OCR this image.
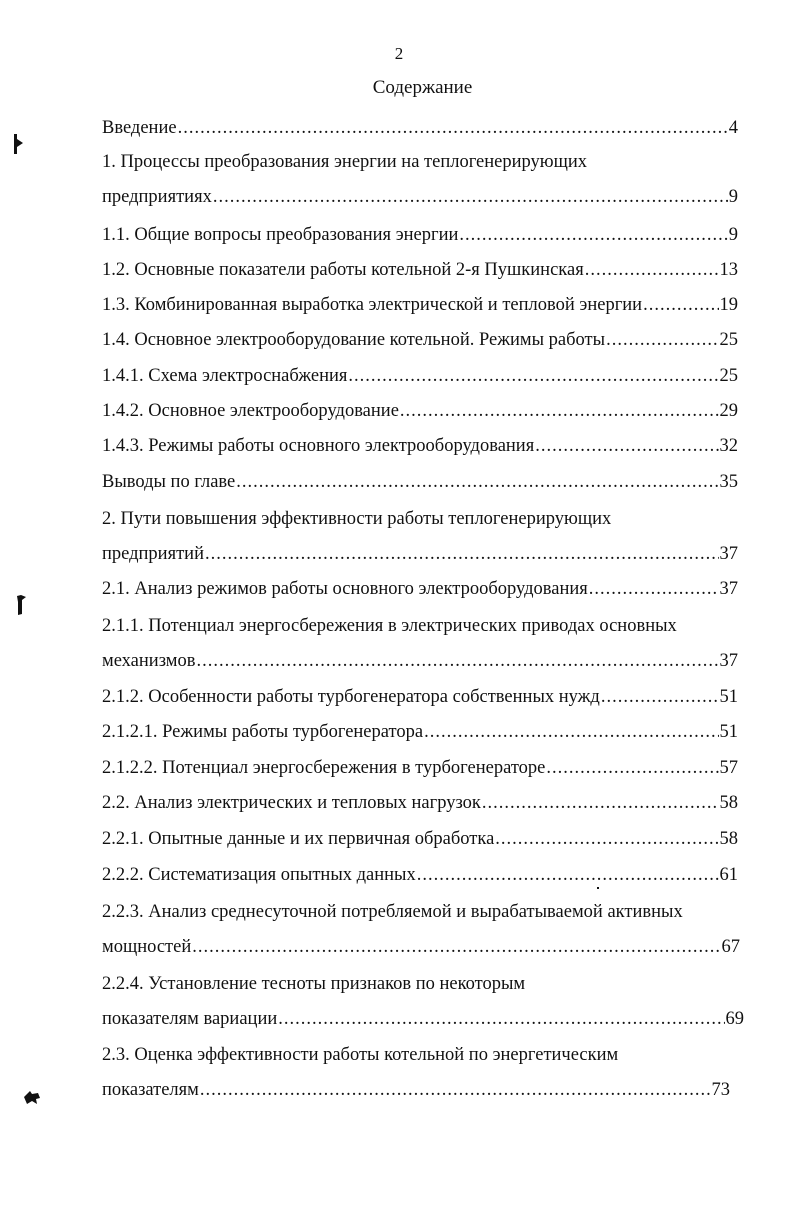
2
Содержание
Введение .....	4
1. Процессы преобразования энергии на теплогенерирующих
предприятиях .....	9
1.1. Общие вопросы преобразования энергии .....	9
1.2. Основные показатели работы котельной 2-я Пушкинская .....	13
1.3. Комбинированная выработка электрической и тепловой энергии .....	19
1.4. Основное электрооборудование котельной. Режимы работы .....	25
1.4.1. Схема электроснабжения .....	25
1.4.2. Основное электрооборудование .....	29
1.4.3. Режимы работы основного электрооборудования .....	32
Выводы по главе .....	35
2. Пути повышения эффективности работы теплогенерирующих
предприятий .....	37
2.1. Анализ режимов работы основного электрооборудования .....	37
2.1.1. Потенциал энергосбережения в электрических приводах основных
механизмов .....	37
2.1.2. Особенности работы турбогенератора собственных нужд .....	51
2.1.2.1. Режимы работы турбогенератора .....	51
2.1.2.2. Потенциал энергосбережения в турбогенераторе .....	57
2.2. Анализ электрических и тепловых нагрузок .....	58
2.2.1. Опытные данные и их первичная обработка .....	58
2.2.2. Систематизация опытных данных .....	61
2.2.3. Анализ среднесуточной потребляемой и вырабатываемой активных
мощностей .....	67
2.2.4. Установление тесноты признаков по некоторым
показателям вариации .....	69
2.3. Оценка эффективности работы котельной по энергетическим
показателям .....	73
